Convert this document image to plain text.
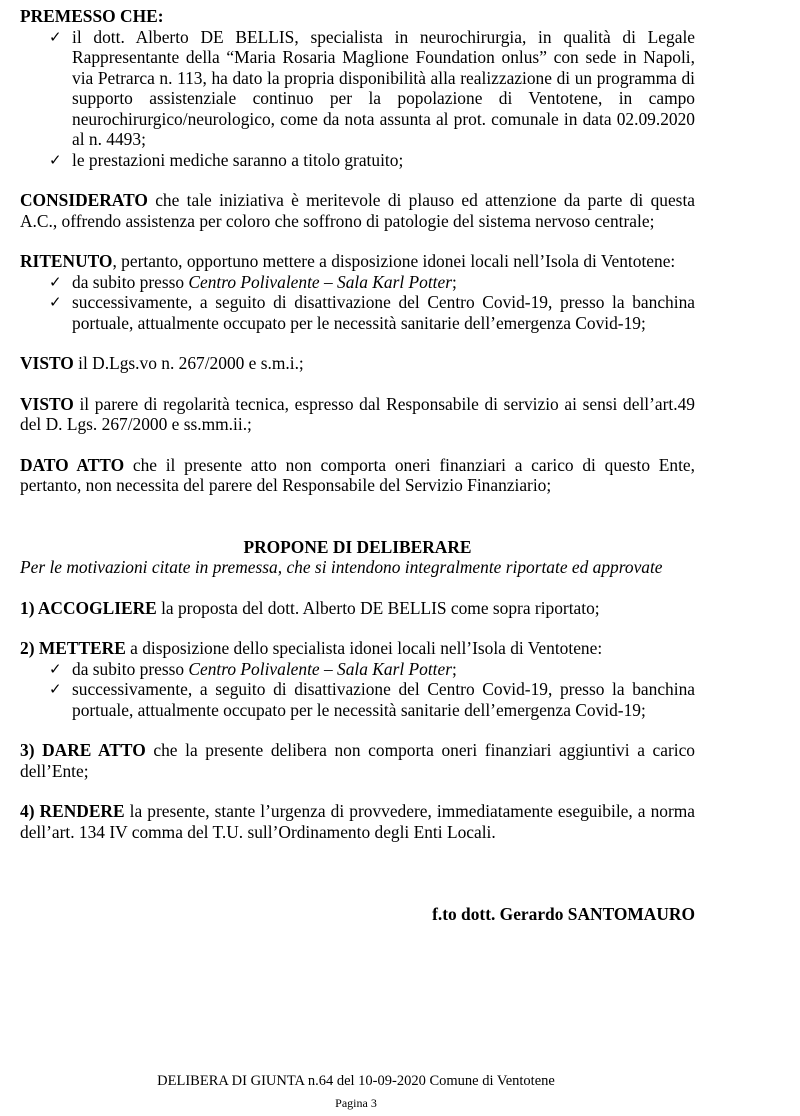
PREMESSO CHE:

✓ il dott. Alberto DE BELLIS, specialista in neurochirurgia, in qualità di Legale Rappresentante della “Maria Rosaria Maglione Foundation onlus” con sede in Napoli, via Petrarca n. 113, ha dato la propria disponibilità alla realizzazione di un programma di supporto assistenziale continuo per la popolazione di Ventotene, in campo neurochirurgico/neurologico, come da nota assunta al prot. comunale in data 02.09.2020 al n. 4493;
✓ le prestazioni mediche saranno a titolo gratuito;

CONSIDERATO che tale iniziativa è meritevole di plauso ed attenzione da parte di questa A.C., offrendo assistenza per coloro che soffrono di patologie del sistema nervoso centrale;

RITENUTO, pertanto, opportuno mettere a disposizione idonei locali nell’Isola di Ventotene:

✓ da subito presso Centro Polivalente – Sala Karl Potter;
✓ successivamente, a seguito di disattivazione del Centro Covid-19, presso la banchina portuale, attualmente occupato per le necessità sanitarie dell’emergenza Covid-19;

VISTO il D.Lgs.vo n. 267/2000 e s.m.i.;

VISTO il parere di regolarità tecnica, espresso dal Responsabile di servizio ai sensi dell’art.49 del D. Lgs. 267/2000 e ss.mm.ii.;

DATO ATTO che il presente atto non comporta oneri finanziari a carico di questo Ente, pertanto, non necessita del parere del Responsabile del Servizio Finanziario;

PROPONE DI DELIBERARE

Per le motivazioni citate in premessa, che si intendono integralmente riportate ed approvate

1) ACCOGLIERE la proposta del dott. Alberto DE BELLIS come sopra riportato;

2) METTERE a disposizione dello specialista idonei locali nell’Isola di Ventotene:

✓ da subito presso Centro Polivalente – Sala Karl Potter;
✓ successivamente, a seguito di disattivazione del Centro Covid-19, presso la banchina portuale, attualmente occupato per le necessità sanitarie dell’emergenza Covid-19;

3) DARE ATTO che la presente delibera non comporta oneri finanziari aggiuntivi a carico dell’Ente;

4) RENDERE la presente, stante l’urgenza di provvedere, immediatamente eseguibile, a norma dell’art. 134 IV comma del T.U. sull’Ordinamento degli Enti Locali.

f.to dott. Gerardo SANTOMAURO

DELIBERA DI GIUNTA n.64 del 10-09-2020 Comune di Ventotene
Pagina 3
